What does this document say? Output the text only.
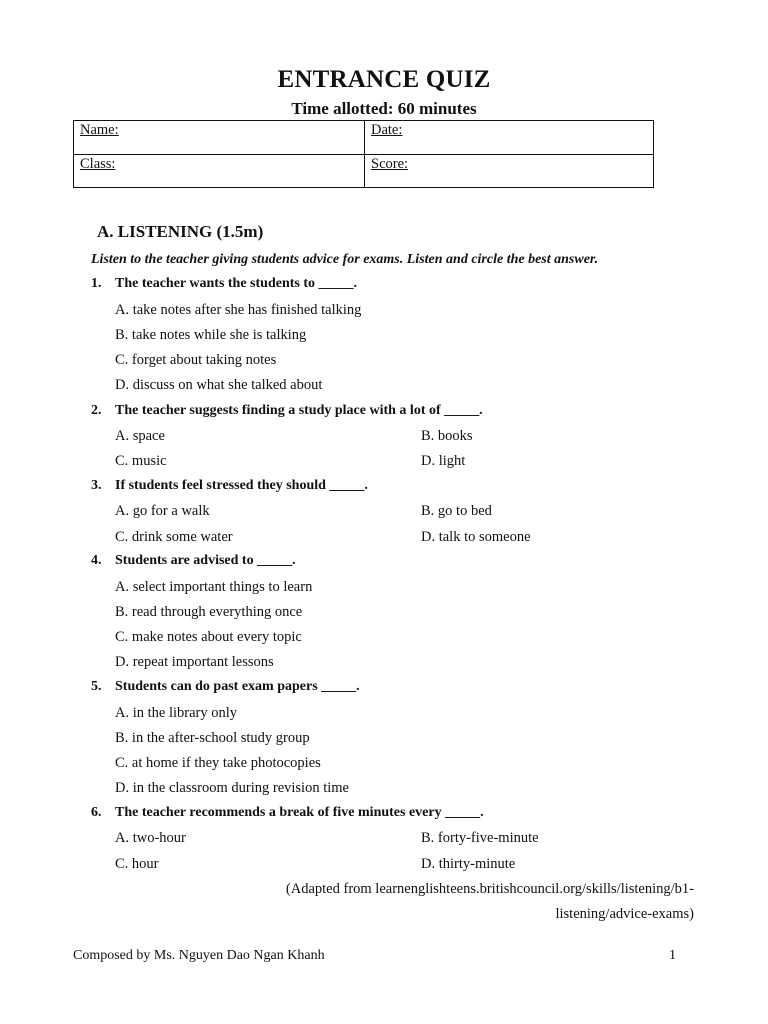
ENTRANCE QUIZ
Time allotted: 60 minutes
Name:	Date:
Class:	Score:
A. LISTENING (1.5m)
Listen to the teacher giving students advice for exams. Listen and circle the best answer.
1. The teacher wants the students to _____.
A. take notes after she has finished talking
B. take notes while she is talking
C. forget about taking notes
D. discuss on what she talked about
2. The teacher suggests finding a study place with a lot of _____.
A. space	B. books
C. music	D. light
3. If students feel stressed they should _____.
A. go for a walk	B. go to bed
C. drink some water	D. talk to someone
4. Students are advised to _____.
A. select important things to learn
B. read through everything once
C. make notes about every topic
D. repeat important lessons
5. Students can do past exam papers _____.
A. in the library only
B. in the after-school study group
C. at home if they take photocopies
D. in the classroom during revision time
6. The teacher recommends a break of five minutes every _____.
A. two-hour	B. forty-five-minute
C. hour	D. thirty-minute
(Adapted from learnenglishteens.britishcouncil.org/skills/listening/b1-
listening/advice-exams)
Composed by Ms. Nguyen Dao Ngan Khanh	1
